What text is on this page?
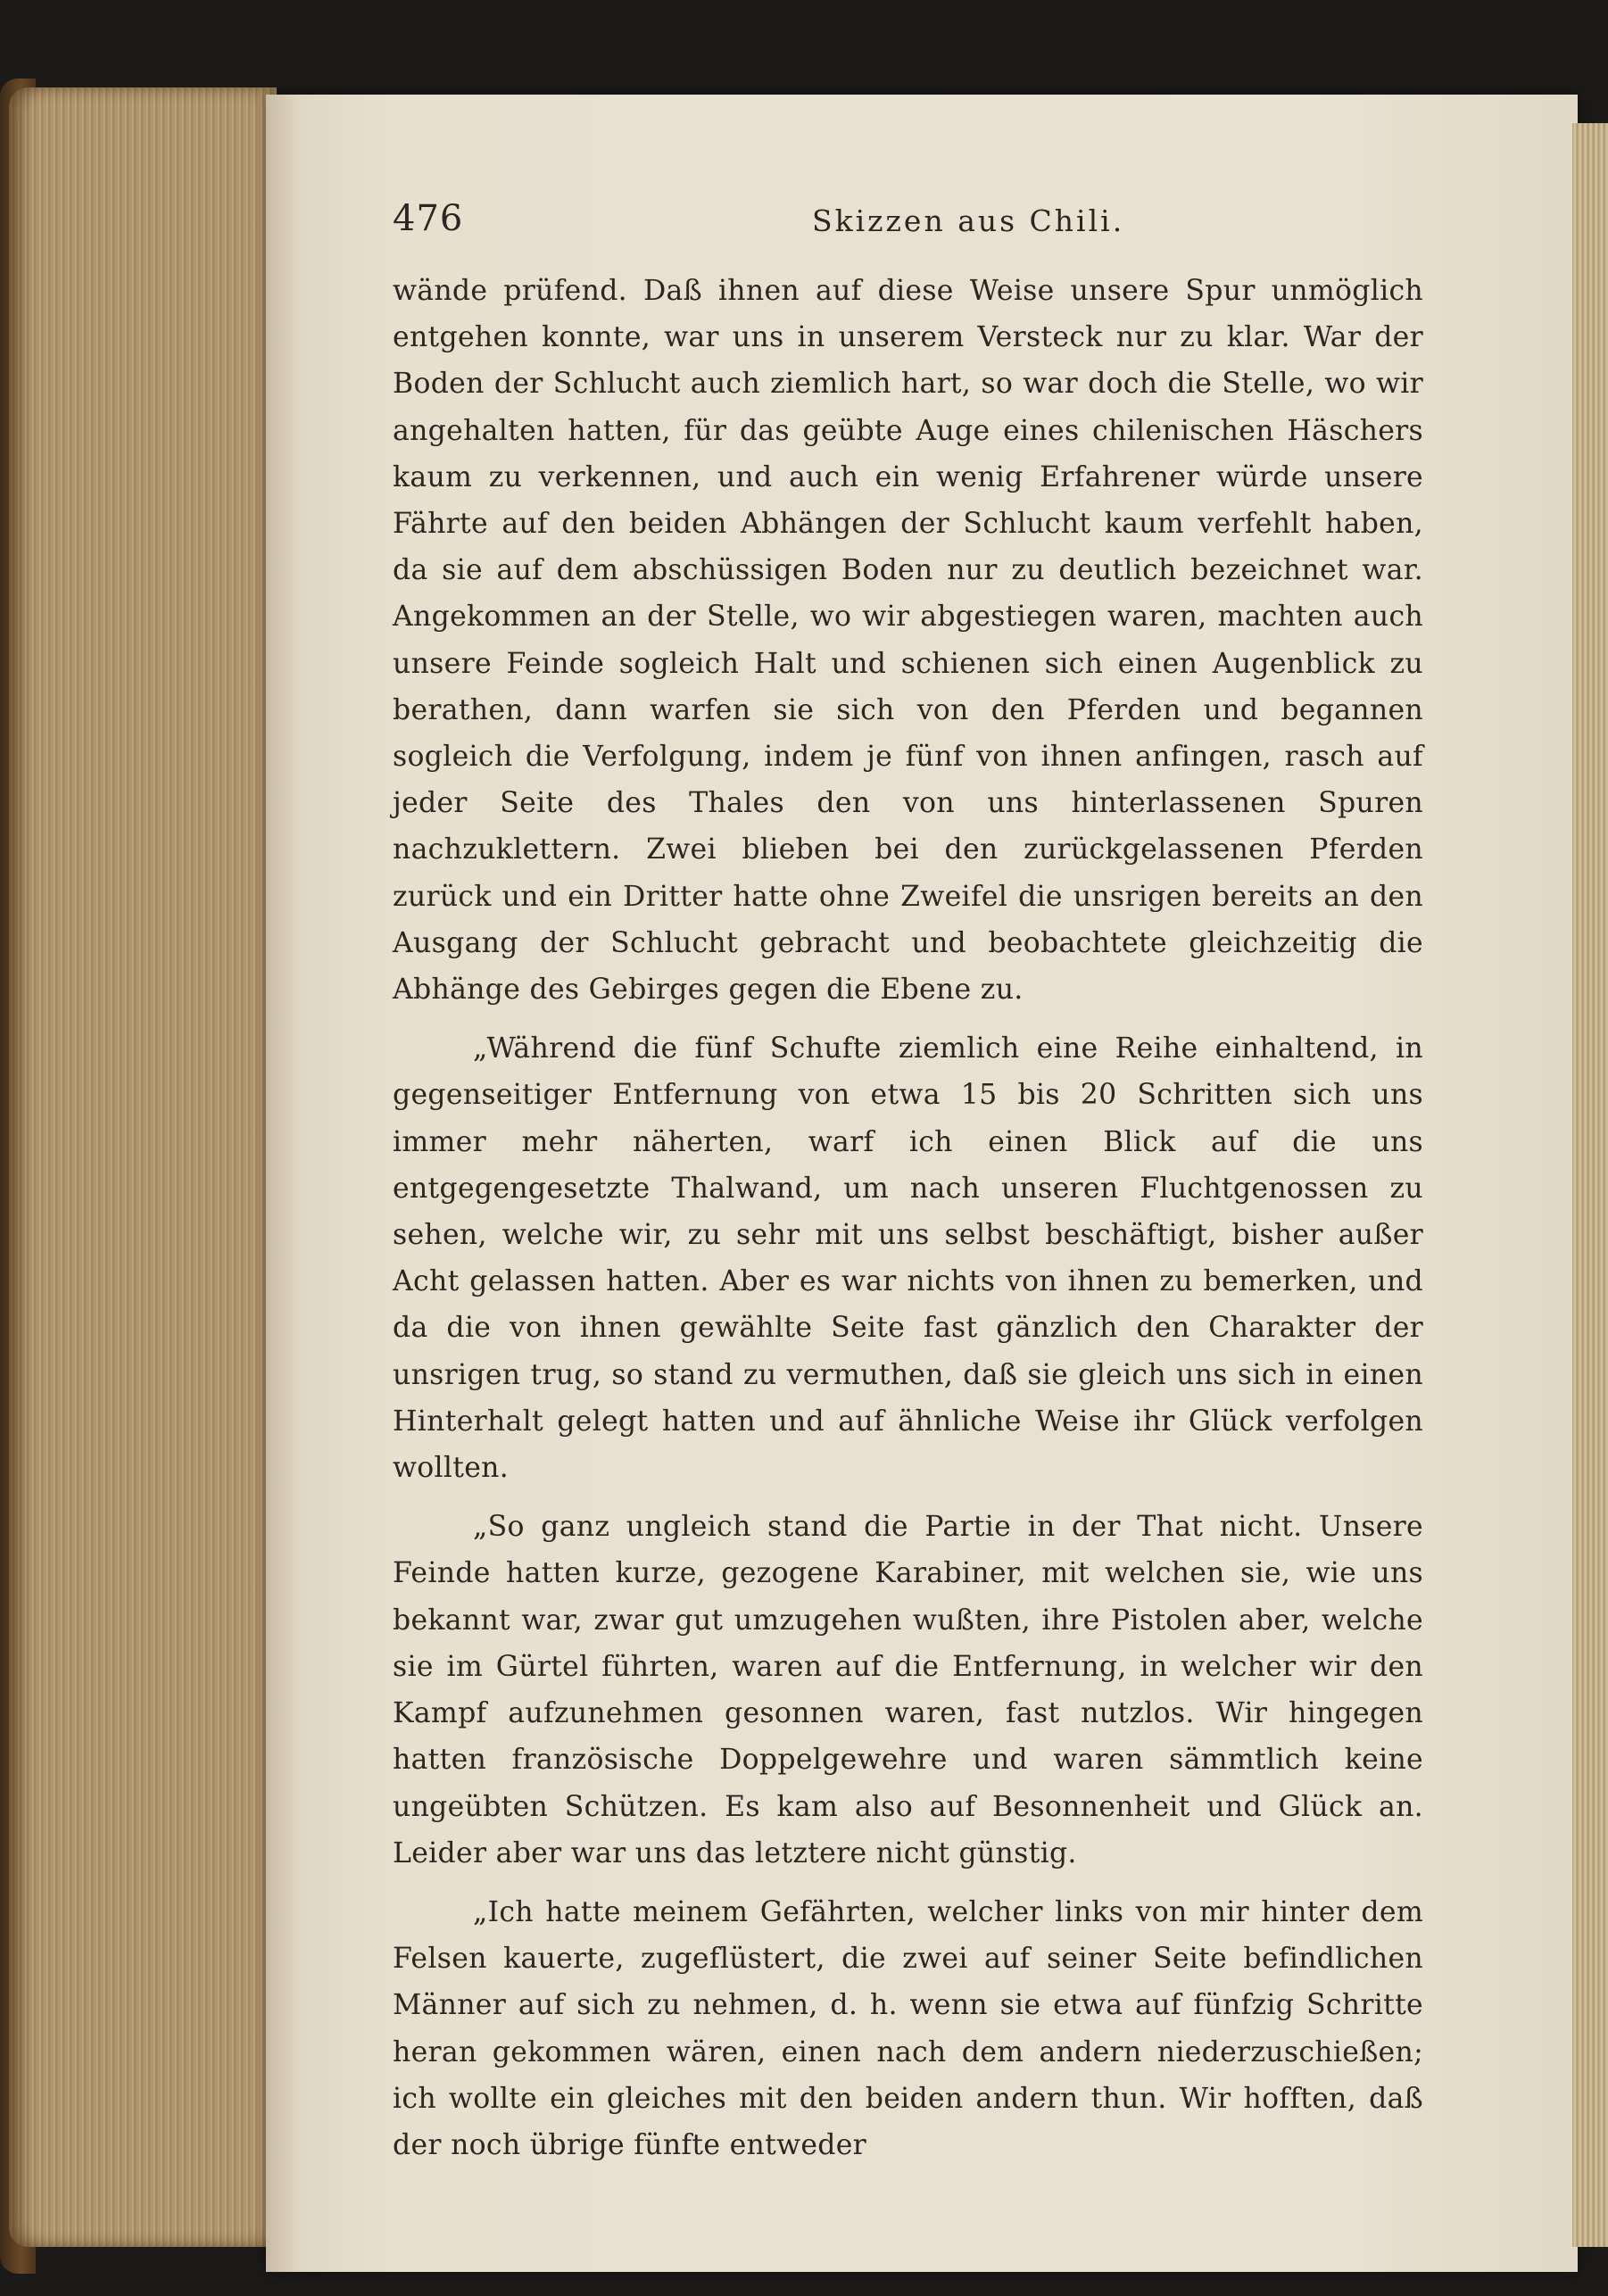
476	Skizzen aus Chili.

wände prüfend. Daß ihnen auf diese Weise unsere Spur unmöglich entgehen konnte, war uns in unserem Versteck nur zu klar. War der Boden der Schlucht auch ziemlich hart, so war doch die Stelle, wo wir angehalten hatten, für das geübte Auge eines chilenischen Häschers kaum zu verkennen, und auch ein wenig Erfahrener würde unsere Fährte auf den beiden Abhängen der Schlucht kaum verfehlt haben, da sie auf dem abschüssigen Boden nur zu deutlich bezeichnet war. Angekommen an der Stelle, wo wir abgestiegen waren, machten auch unsere Feinde sogleich Halt und schienen sich einen Augenblick zu berathen, dann warfen sie sich von den Pferden und begannen sogleich die Verfolgung, indem je fünf von ihnen anfingen, rasch auf jeder Seite des Thales den von uns hinterlassenen Spuren nachzuklettern. Zwei blieben bei den zurückgelassenen Pferden zurück und ein Dritter hatte ohne Zweifel die unsrigen bereits an den Ausgang der Schlucht gebracht und beobachtete gleichzeitig die Abhänge des Gebirges gegen die Ebene zu.

„Während die fünf Schufte ziemlich eine Reihe einhaltend, in gegenseitiger Entfernung von etwa 15 bis 20 Schritten sich uns immer mehr näherten, warf ich einen Blick auf die uns entgegengesetzte Thalwand, um nach unseren Fluchtgenossen zu sehen, welche wir, zu sehr mit uns selbst beschäftigt, bisher außer Acht gelassen hatten. Aber es war nichts von ihnen zu bemerken, und da die von ihnen gewählte Seite fast gänzlich den Charakter der unsrigen trug, so stand zu vermuthen, daß sie gleich uns sich in einen Hinterhalt gelegt hatten und auf ähnliche Weise ihr Glück verfolgen wollten.

„So ganz ungleich stand die Partie in der That nicht. Unsere Feinde hatten kurze, gezogene Karabiner, mit welchen sie, wie uns bekannt war, zwar gut umzugehen wußten, ihre Pistolen aber, welche sie im Gürtel führten, waren auf die Entfernung, in welcher wir den Kampf aufzunehmen gesonnen waren, fast nutzlos. Wir hingegen hatten französische Doppelgewehre und waren sämmtlich keine ungeübten Schützen. Es kam also auf Besonnenheit und Glück an. Leider aber war uns das letztere nicht günstig.

„Ich hatte meinem Gefährten, welcher links von mir hinter dem Felsen kauerte, zugeflüstert, die zwei auf seiner Seite befindlichen Männer auf sich zu nehmen, d. h. wenn sie etwa auf fünfzig Schritte heran gekommen wären, einen nach dem andern niederzuschießen; ich wollte ein gleiches mit den beiden andern thun. Wir hofften, daß der noch übrige fünfte entweder
